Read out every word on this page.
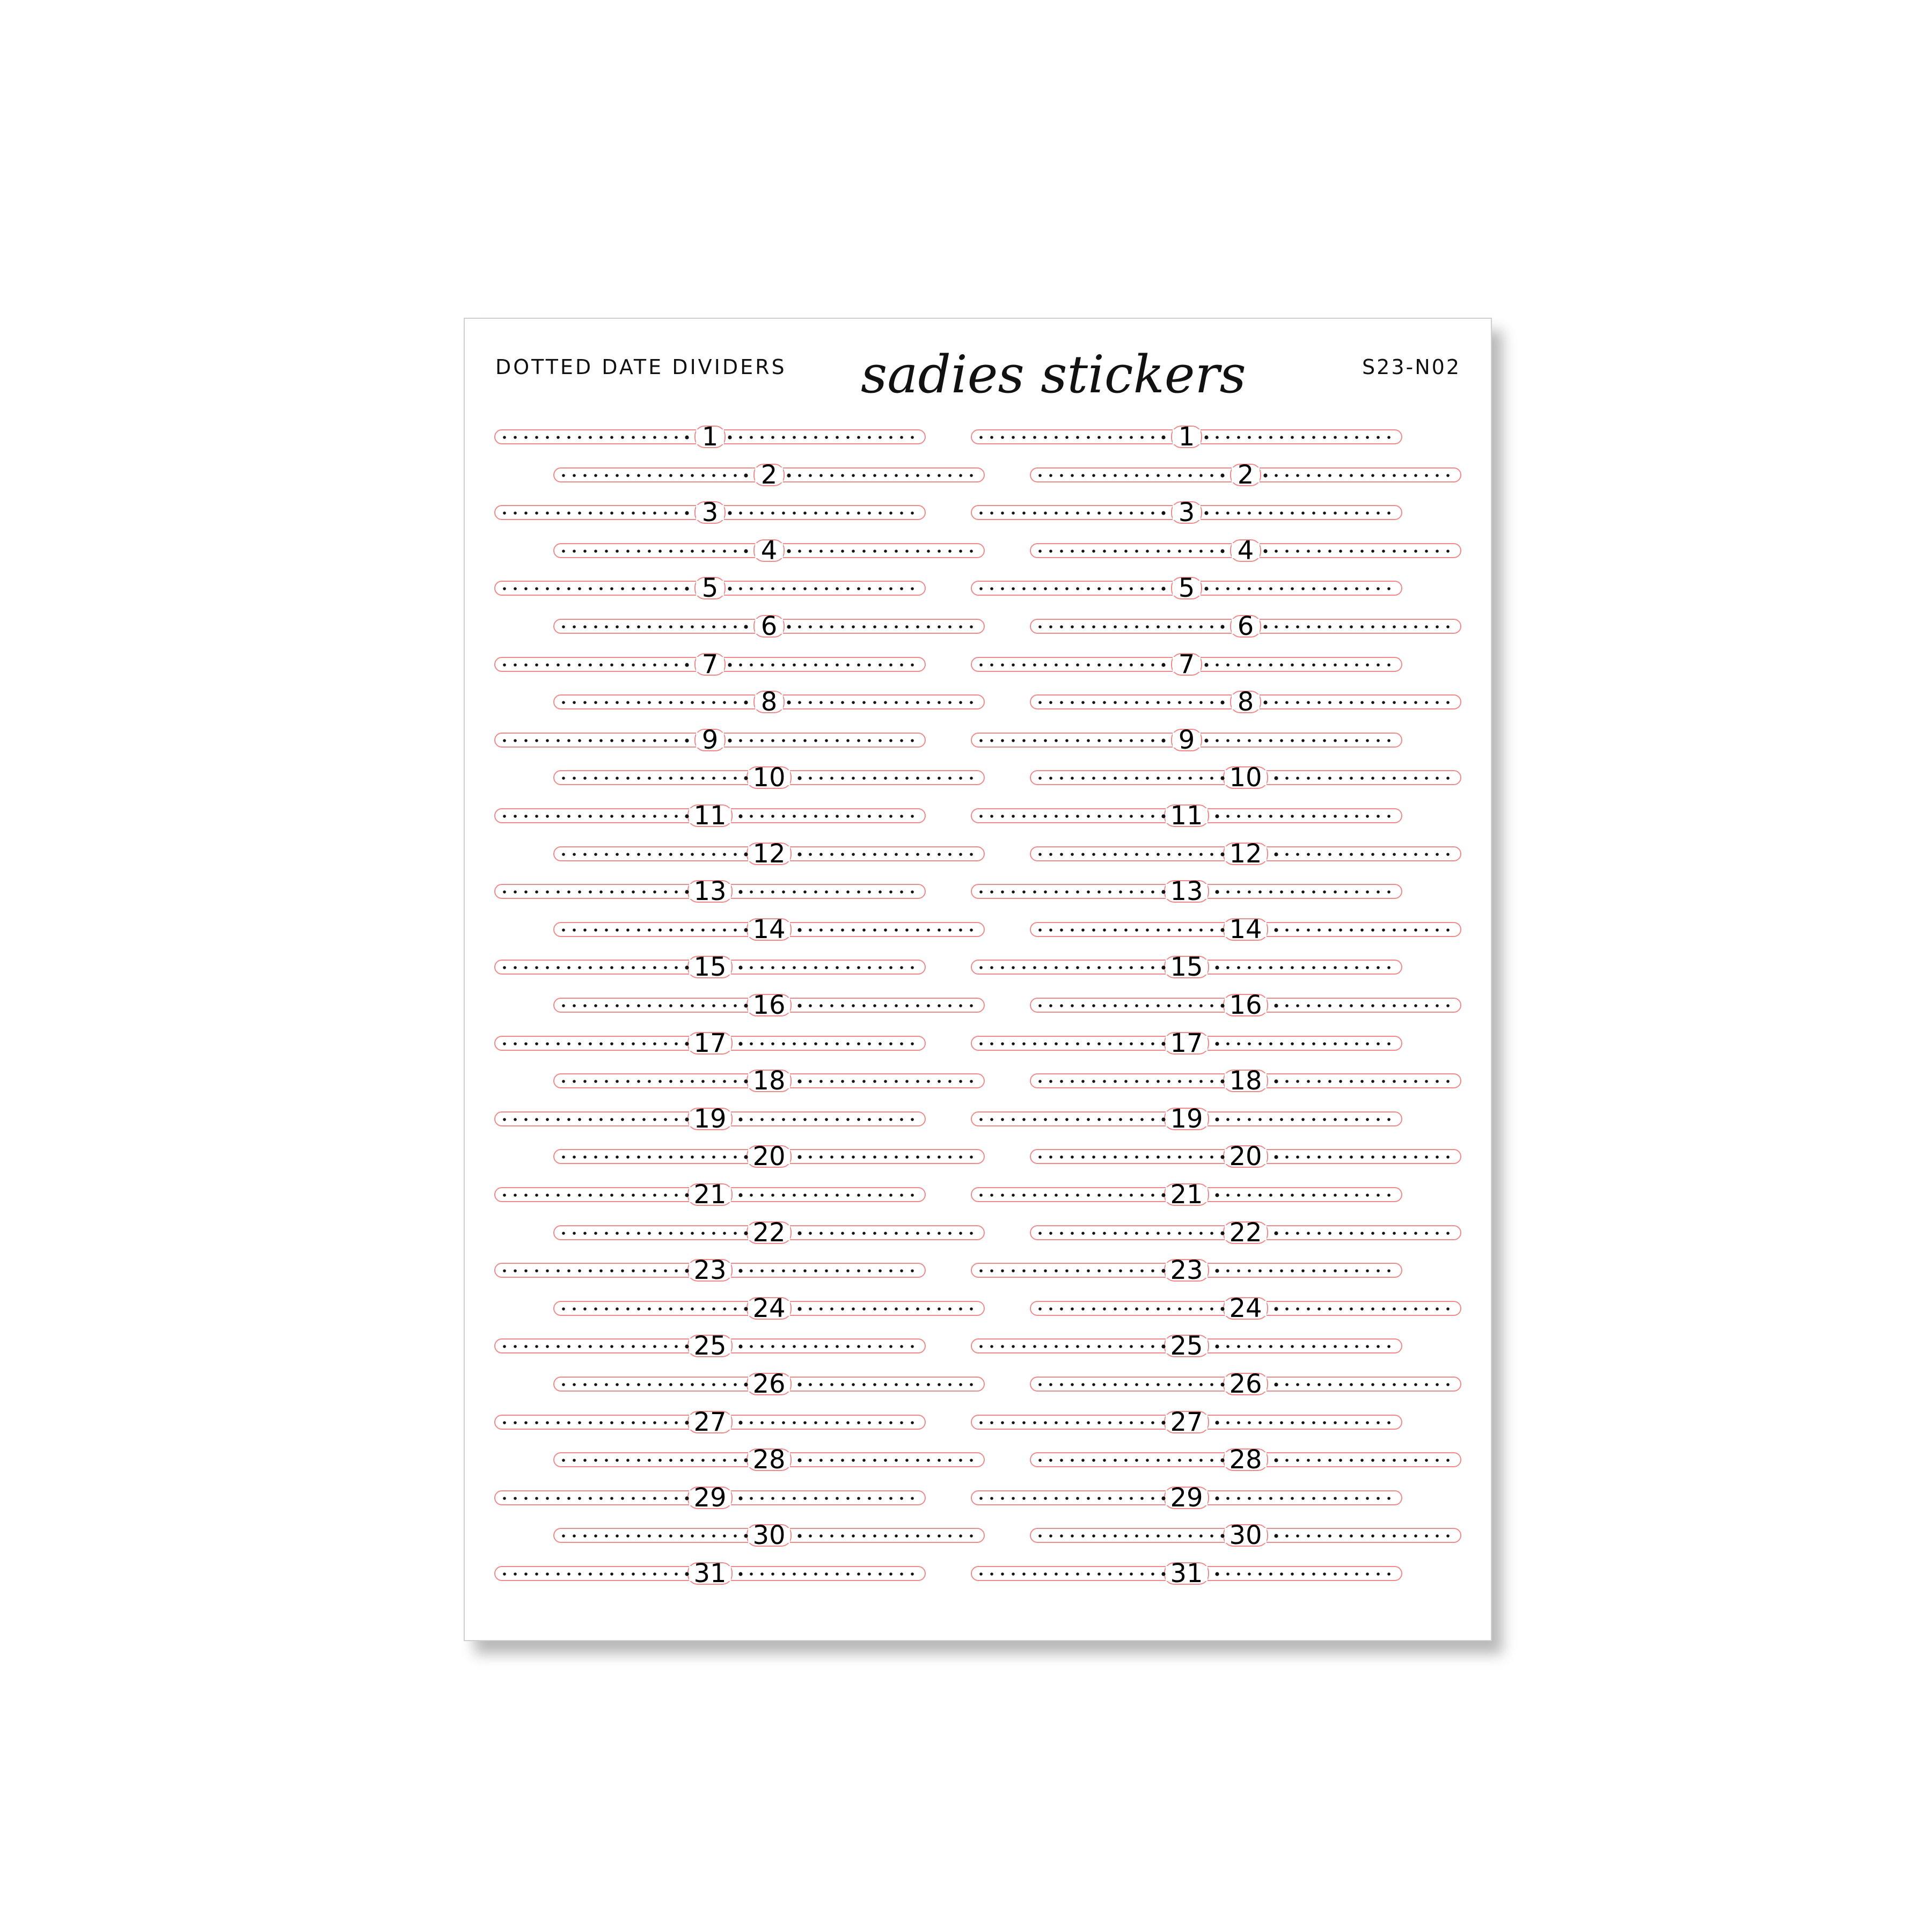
DOTTED DATE DIVIDERS sadies stickers	S23-N02
1
2
3
4
5
6
7
8
9
10
11
12
13
14
15
16
17
18
19
20
21
22
23
24
25
26
27
28
29
30
31
1
2
3
4
5
6
7
8
9
10
11
12
13
14
15
16
17
18
19
20
21
22
23
24
25
26
27
28
29
30
31
